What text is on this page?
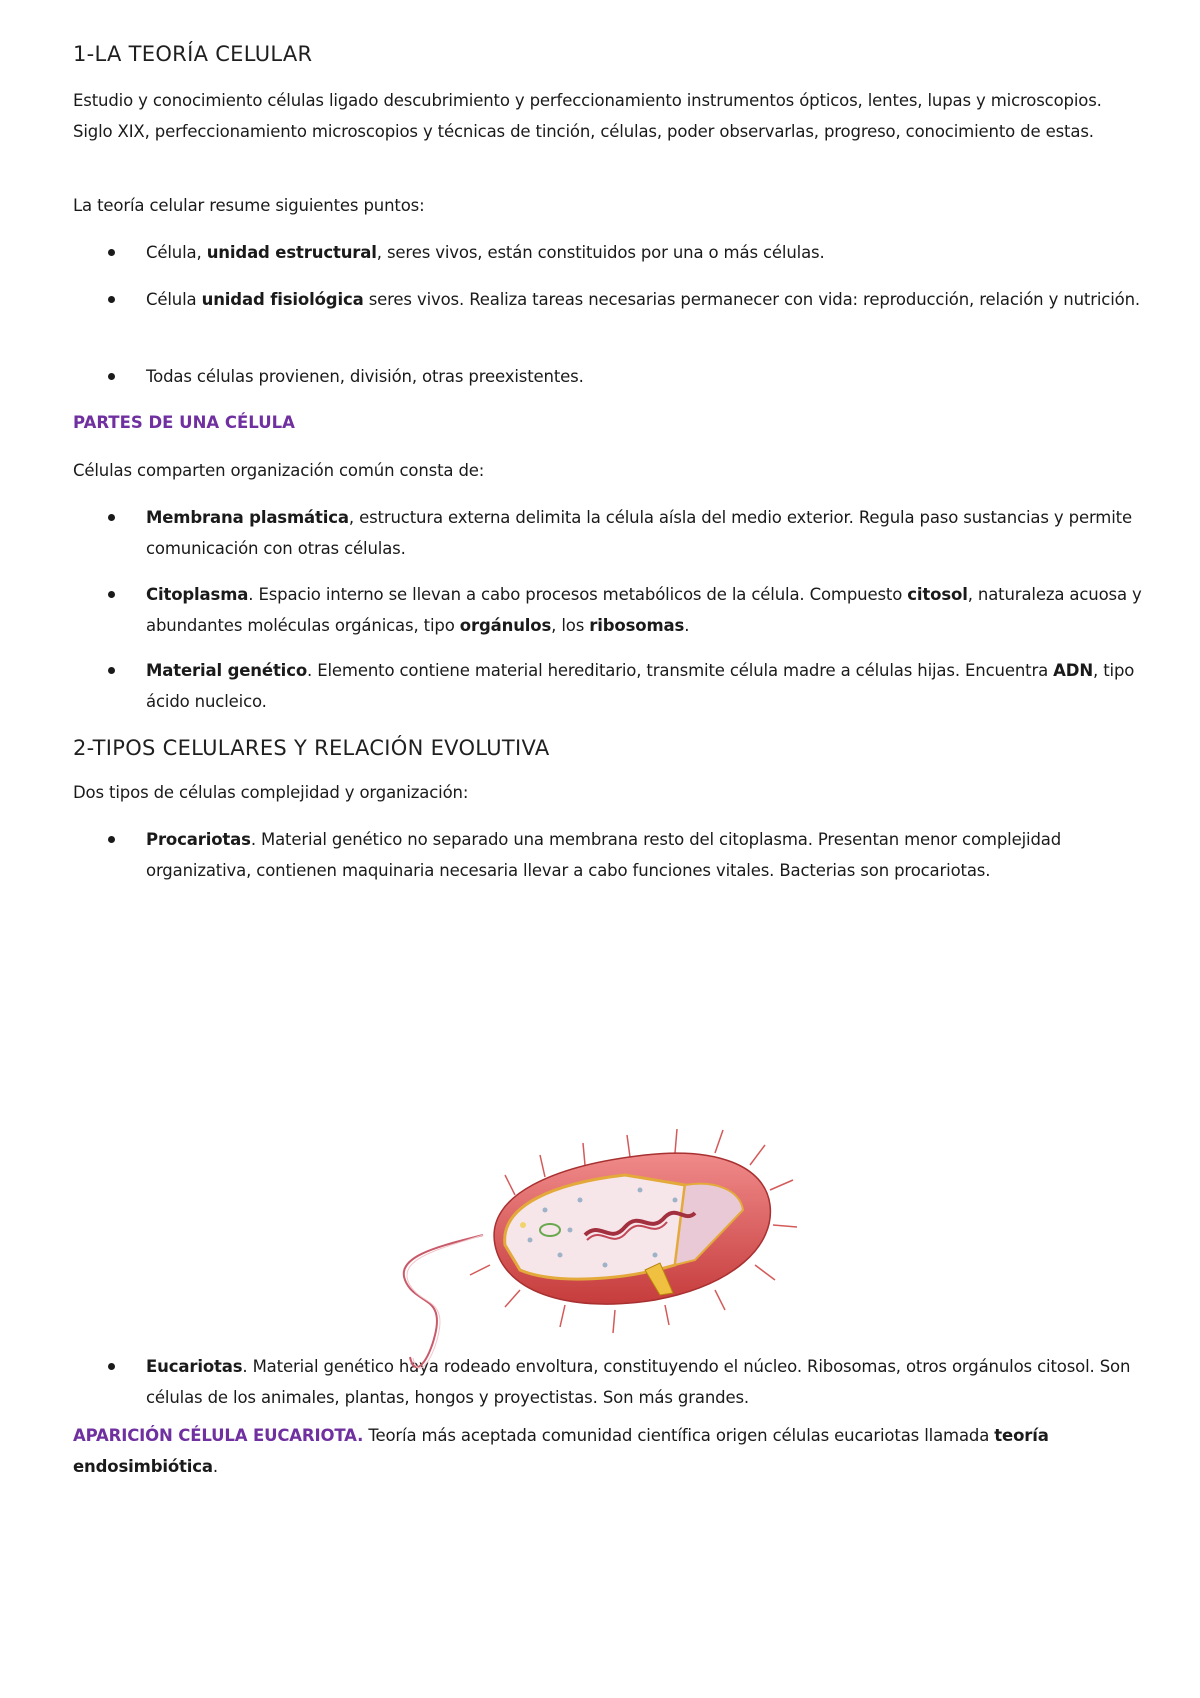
1-LA TEORÍA CELULAR

Estudio y conocimiento células ligado descubrimiento y perfeccionamiento instrumentos ópticos, lentes, lupas y microscopios. Siglo XIX, perfeccionamiento microscopios y técnicas de tinción, células, poder observarlas, progreso, conocimiento de estas.

La teoría celular resume siguientes puntos:

Célula, unidad estructural, seres vivos, están constituidos por una o más células.

Célula unidad fisiológica seres vivos. Realiza tareas necesarias permanecer con vida: reproducción, relación y nutrición.

Todas células provienen, división, otras preexistentes.

PARTES DE UNA CÉLULA

Células comparten organización común consta de:

Membrana plasmática, estructura externa delimita la célula aísla del medio exterior. Regula paso sustancias y permite comunicación con otras células.

Citoplasma. Espacio interno se llevan a cabo procesos metabólicos de la célula. Compuesto citosol, naturaleza acuosa y abundantes moléculas orgánicas, tipo orgánulos, los ribosomas.

Material genético. Elemento contiene material hereditario, transmite célula madre a células hijas. Encuentra ADN, tipo ácido nucleico.

2-TIPOS CELULARES Y RELACIÓN EVOLUTIVA

Dos tipos de células complejidad y organización:

Procariotas. Material genético no separado una membrana resto del citoplasma. Presentan menor complejidad organizativa, contienen maquinaria necesaria llevar a cabo funciones vitales. Bacterias son procariotas.

Eucariotas. Material genético haya rodeado envoltura, constituyendo el núcleo. Ribosomas, otros orgánulos citosol. Son células de los animales, plantas, hongos y proyectistas. Son más grandes.

APARICIÓN CÉLULA EUCARIOTA. Teoría más aceptada comunidad científica origen células eucariotas llamada teoría endosimbiótica.
